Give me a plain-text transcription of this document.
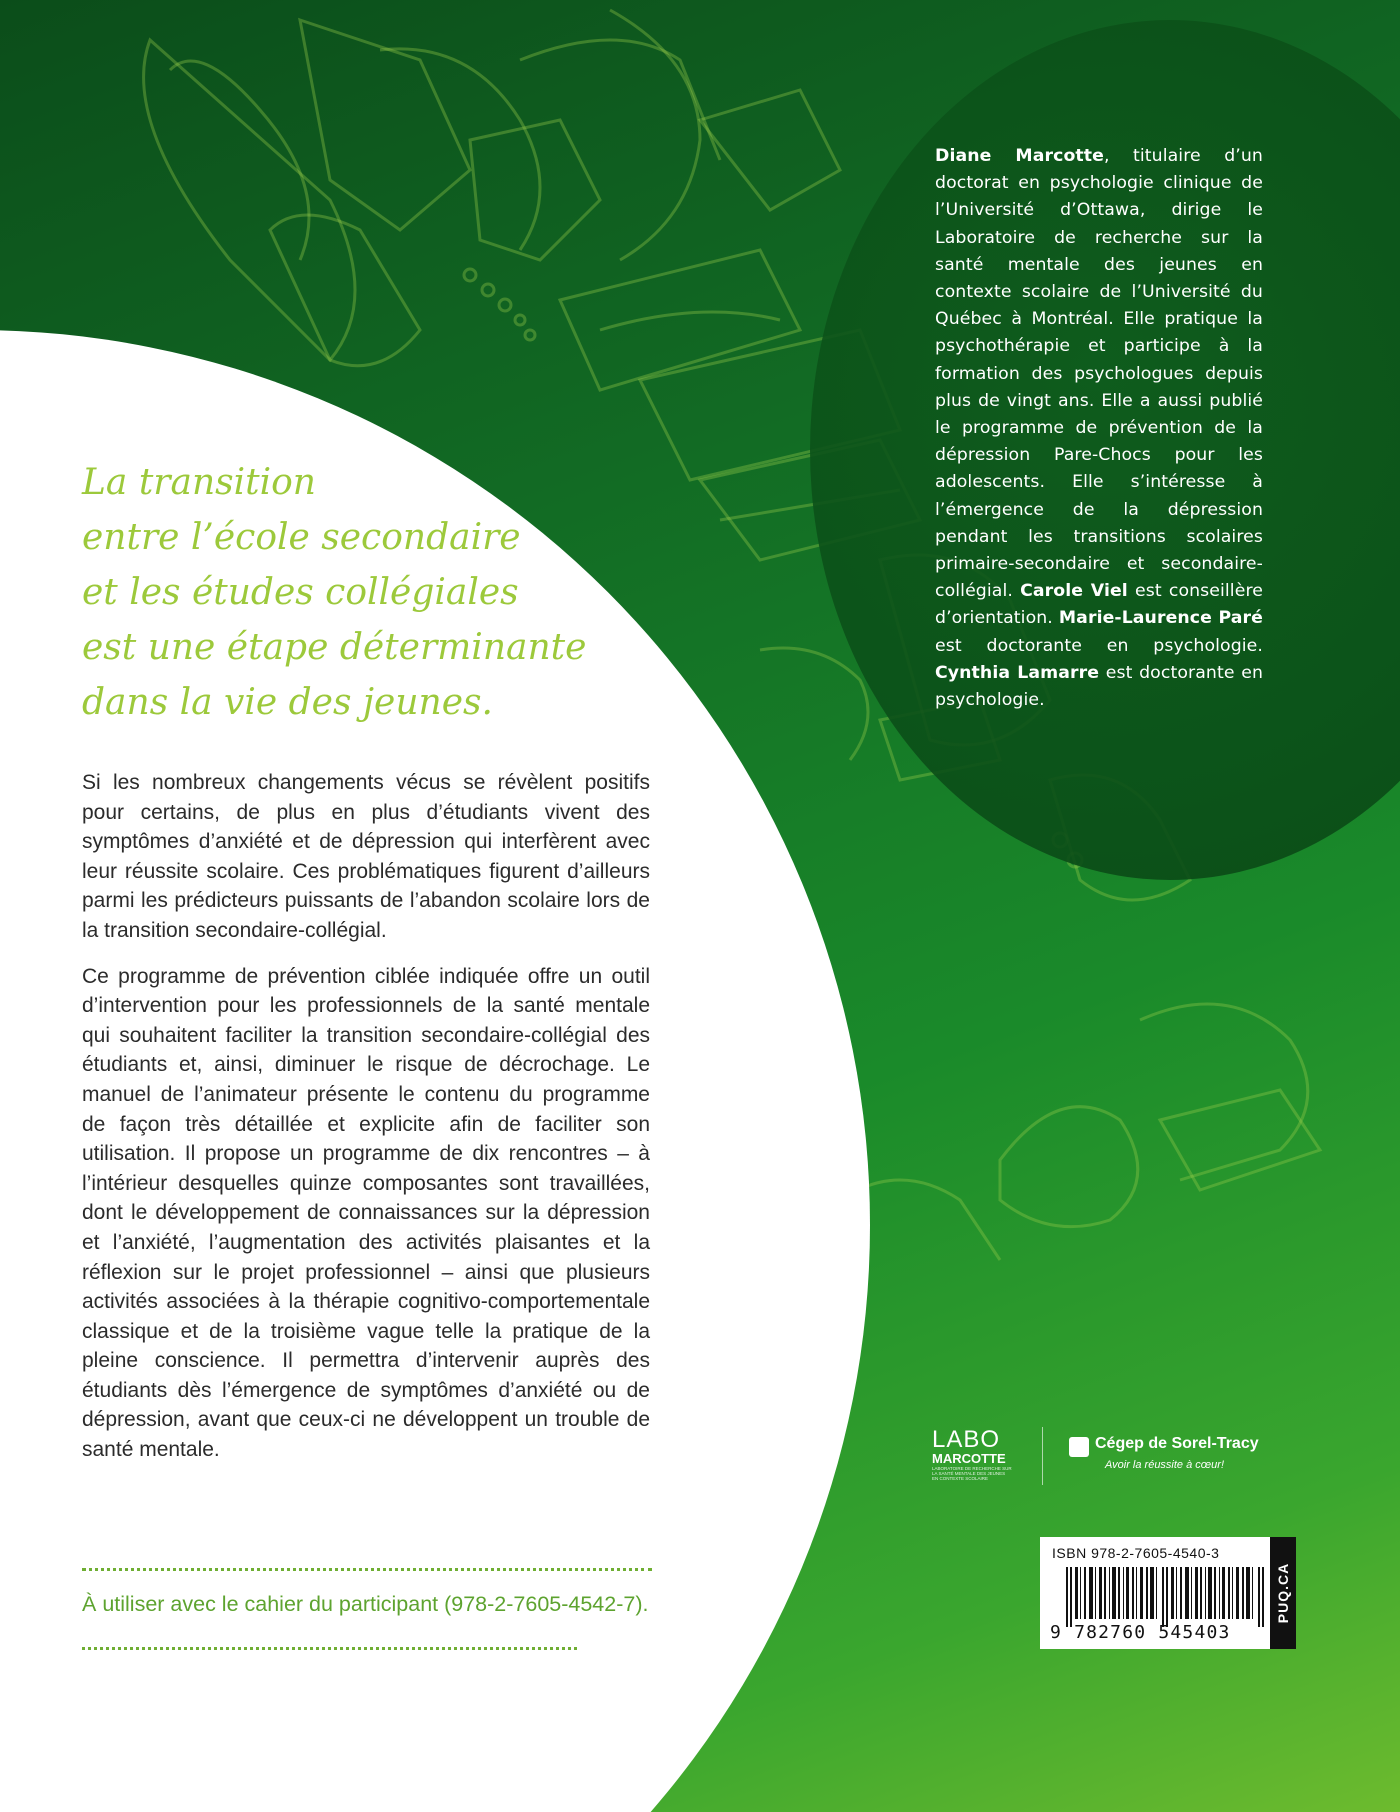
Diane Marcotte, titulaire d’un doctorat en psychologie clinique de l’Université d’Ottawa, dirige le Laboratoire de recherche sur la santé mentale des jeunes en contexte scolaire de l’Université du Québec à Montréal. Elle pratique la psychothérapie et participe à la formation des psychologues depuis plus de vingt ans. Elle a aussi publié le programme de prévention de la dépression Pare-Chocs pour les adolescents. Elle s’intéresse à l’émergence de la dépression pendant les transitions scolaires primaire-secondaire et secondaire-collégial. Carole Viel est conseillère d’orientation. Marie-Laurence Paré est doctorante en psychologie. Cynthia Lamarre est doctorante en psychologie.
La transition
entre l’école secondaire
et les études collégiales
est une étape déterminante
dans la vie des jeunes.

Si les nombreux changements vécus se révèlent positifs pour certains, de plus en plus d’étudiants vivent des symptômes d’anxiété et de dépression qui interfèrent avec leur réussite scolaire. Ces problématiques figurent d’ailleurs parmi les prédicteurs puissants de l’abandon scolaire lors de la transition secondaire-collégial.

Ce programme de prévention ciblée indiquée offre un outil d’intervention pour les professionnels de la santé mentale qui souhaitent faciliter la transition secondaire-collégial des étudiants et, ainsi, diminuer le risque de décrochage. Le manuel de l’animateur présente le contenu du programme de façon très détaillée et explicite afin de faciliter son utilisation. Il propose un programme de dix rencontres – à l’intérieur desquelles quinze composantes sont travaillées, dont le développement de connaissances sur la dépression et l’anxiété, l’augmentation des activités plaisantes et la réflexion sur le projet professionnel – ainsi que plusieurs activités associées à la thérapie cognitivo-comportementale classique et de la troisième vague telle la pratique de la pleine conscience. Il permettra d’intervenir auprès des étudiants dès l’émergence de symptômes d’anxiété ou de dépression, avant que ceux-ci ne développent un trouble de santé mentale.

À utiliser avec le cahier du participant (978-2-7605-4542-7).
LABO
MARCOTTE
LABORATOIRE DE RECHERCHE SUR LA SANTÉ MENTALE DES JEUNES EN CONTEXTE SCOLAIRE
Cégep de Sorel-Tracy
Avoir la réussite à cœur!
ISBN 978-2-7605-4540-3
9 782760 545403
PUQ.CA
